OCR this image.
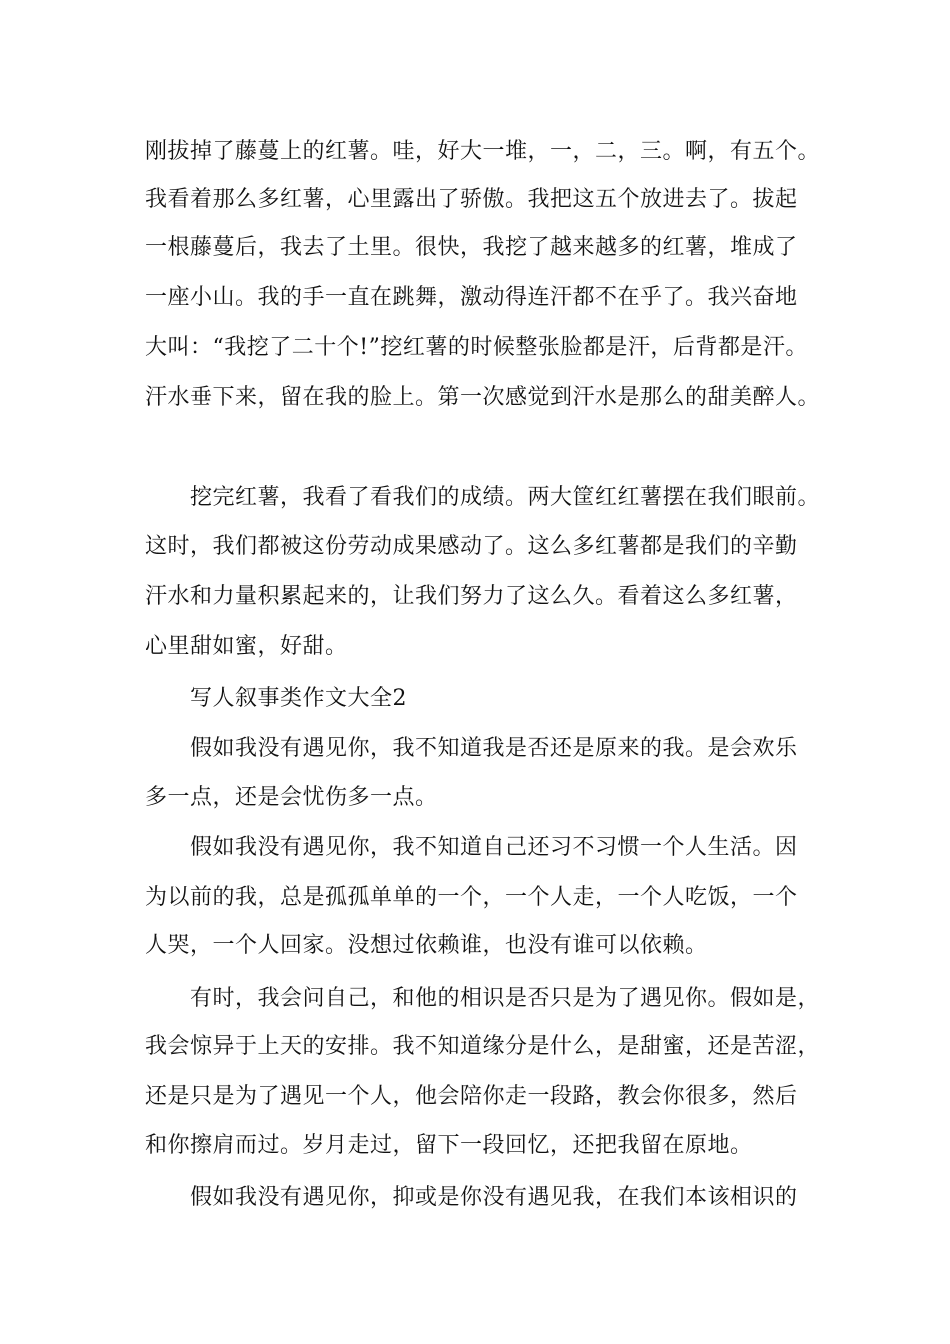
刚拔掉了藤蔓上的红薯。哇，好大一堆，一，二，三。啊，有五个。
我看着那么多红薯，心里露出了骄傲。我把这五个放进去了。拔起
一根藤蔓后，我去了土里。很快，我挖了越来越多的红薯，堆成了
一座小山。我的手一直在跳舞，激动得连汗都不在乎了。我兴奋地
大叫：“我挖了二十个!”挖红薯的时候整张脸都是汗，后背都是汗。
汗水垂下来，留在我的脸上。第一次感觉到汗水是那么的甜美醉人。
挖完红薯，我看了看我们的成绩。两大筐红红薯摆在我们眼前。
这时，我们都被这份劳动成果感动了。这么多红薯都是我们的辛勤
汗水和力量积累起来的，让我们努力了这么久。看着这么多红薯，
心里甜如蜜，好甜。
写人叙事类作文大全2
假如我没有遇见你，我不知道我是否还是原来的我。是会欢乐
多一点，还是会忧伤多一点。
假如我没有遇见你，我不知道自己还习不习惯一个人生活。因
为以前的我，总是孤孤单单的一个，一个人走，一个人吃饭，一个
人哭，一个人回家。没想过依赖谁，也没有谁可以依赖。
有时，我会问自己，和他的相识是否只是为了遇见你。假如是，
我会惊异于上天的安排。我不知道缘分是什么，是甜蜜，还是苦涩，
还是只是为了遇见一个人，他会陪你走一段路，教会你很多，然后
和你擦肩而过。岁月走过，留下一段回忆，还把我留在原地。
假如我没有遇见你，抑或是你没有遇见我，在我们本该相识的
